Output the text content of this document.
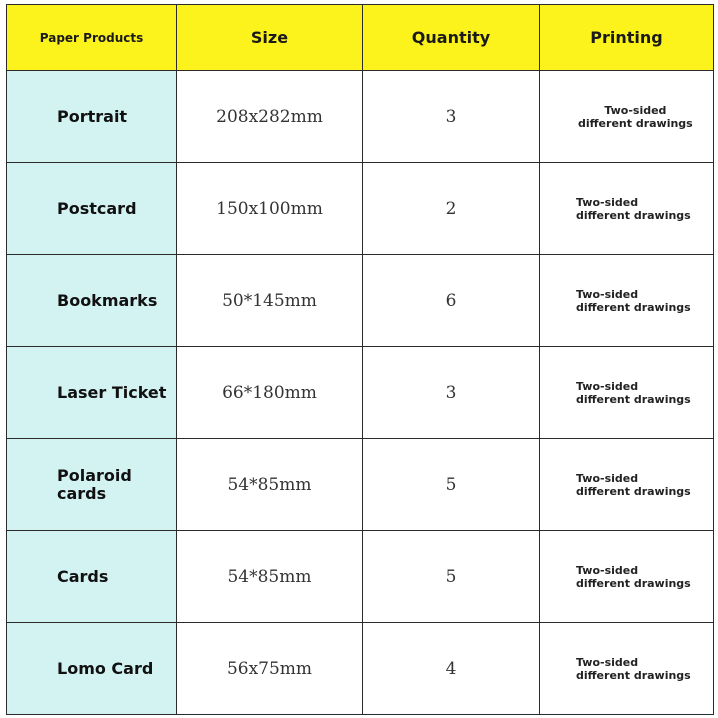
Paper Products	Size	Quantity	Printing
Portrait	208x282mm	3	Two-sided
different drawings

Postcard	150x100mm	2	Two-sided
different drawings

Bookmarks	50*145mm	6	Two-sided
different drawings

Laser Ticket	66*180mm	3	Two-sided
different drawings

Polaroid cards	54*85mm	5	Two-sided
different drawings

Cards	54*85mm	5	Two-sided
different drawings

Lomo Card	56x75mm	4	Two-sided
different drawings
